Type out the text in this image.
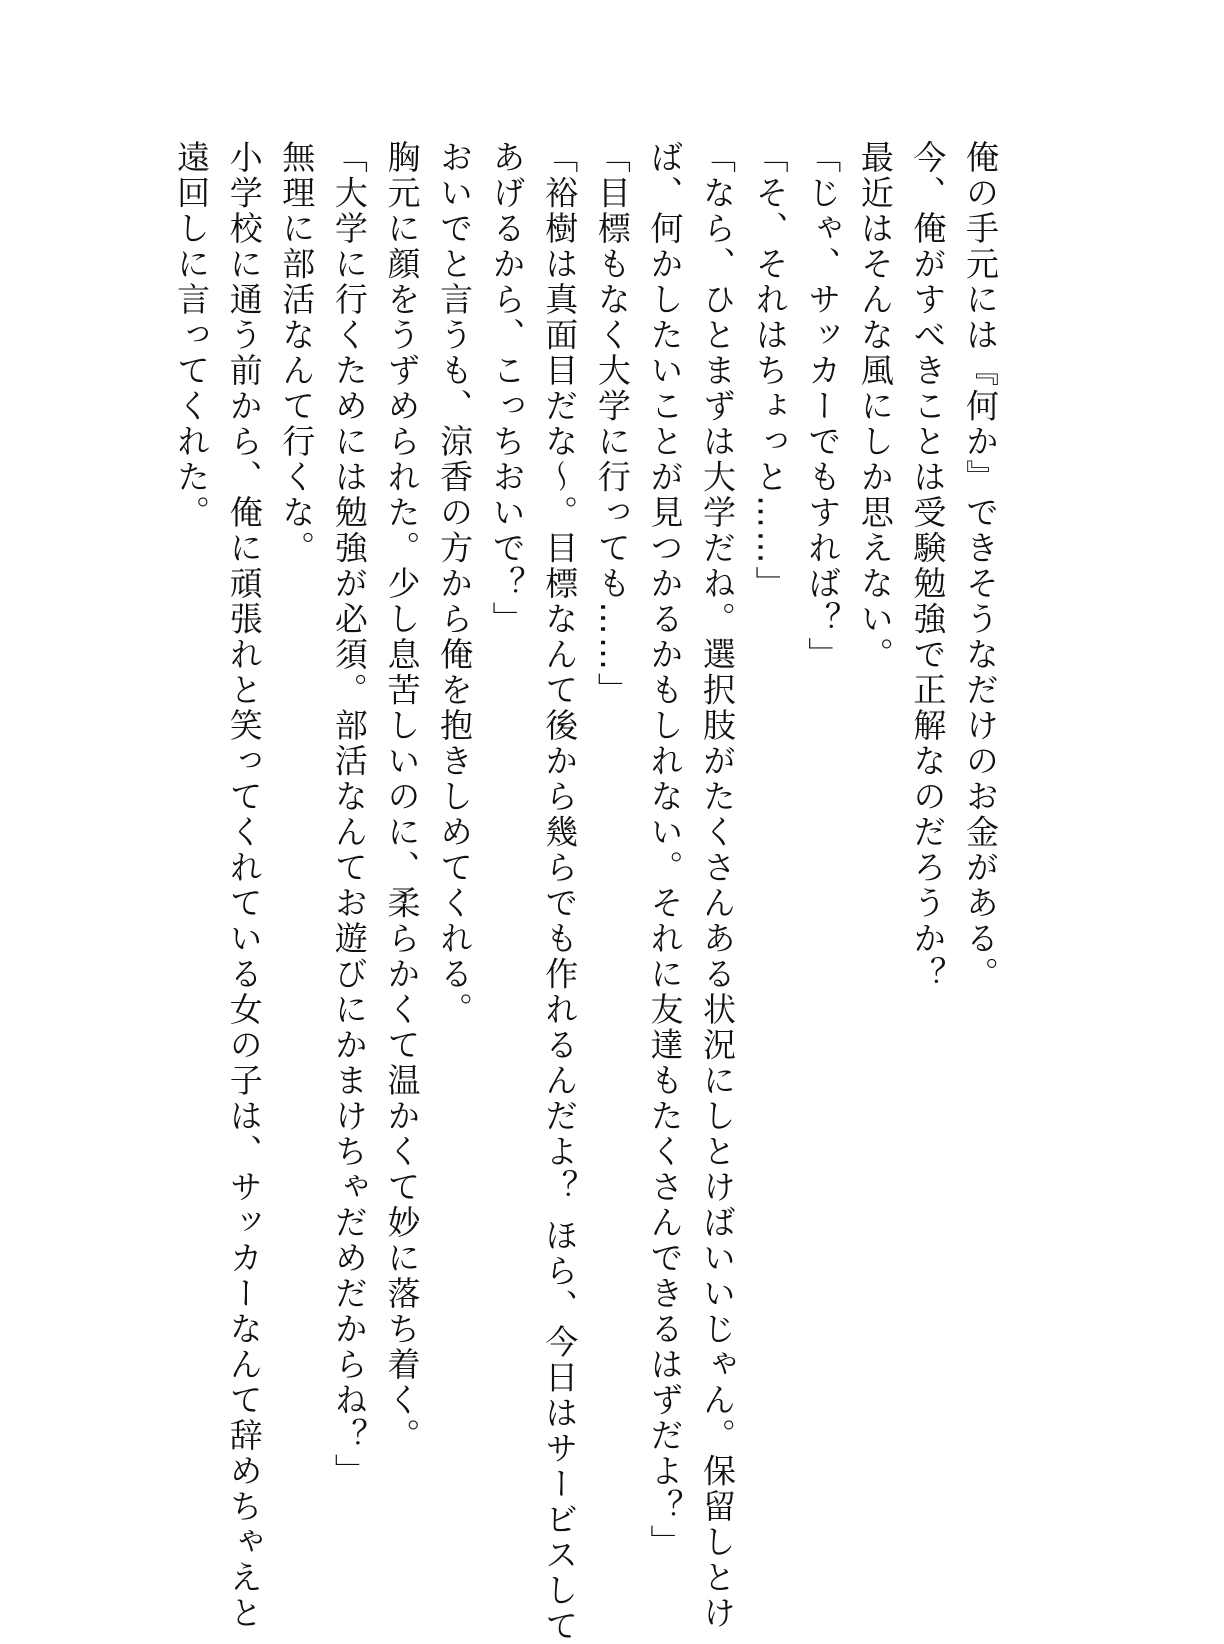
俺の手元には『何か』できそうなだけのお金がある。

今、俺がすべきことは受験勉強で正解なのだろうか？

最近はそんな風にしか思えない。

「じゃ、サッカーでもすれば？」

「そ、それはちょっと……」

「なら、ひとまずは大学だね。選択肢がたくさんある状況にしとけばいいじゃん。保留しとけ

ば、何かしたいことが見つかるかもしれない。それに友達もたくさんできるはずだよ？」

「目標もなく大学に行っても……」

「裕樹は真面目だな～。目標なんて後から幾らでも作れるんだよ？ ほら、今日はサービスして

あげるから、こっちおいで？」

おいでと言うも、涼香の方から俺を抱きしめてくれる。

胸元に顔をうずめられた。少し息苦しいのに、柔らかくて温かくて妙に落ち着く。

「大学に行くためには勉強が必須。部活なんてお遊びにかまけちゃだめだからね？」

無理に部活なんて行くな。

小学校に通う前から、俺に頑張れと笑ってくれている女の子は、サッカーなんて辞めちゃえと

遠回しに言ってくれた。
